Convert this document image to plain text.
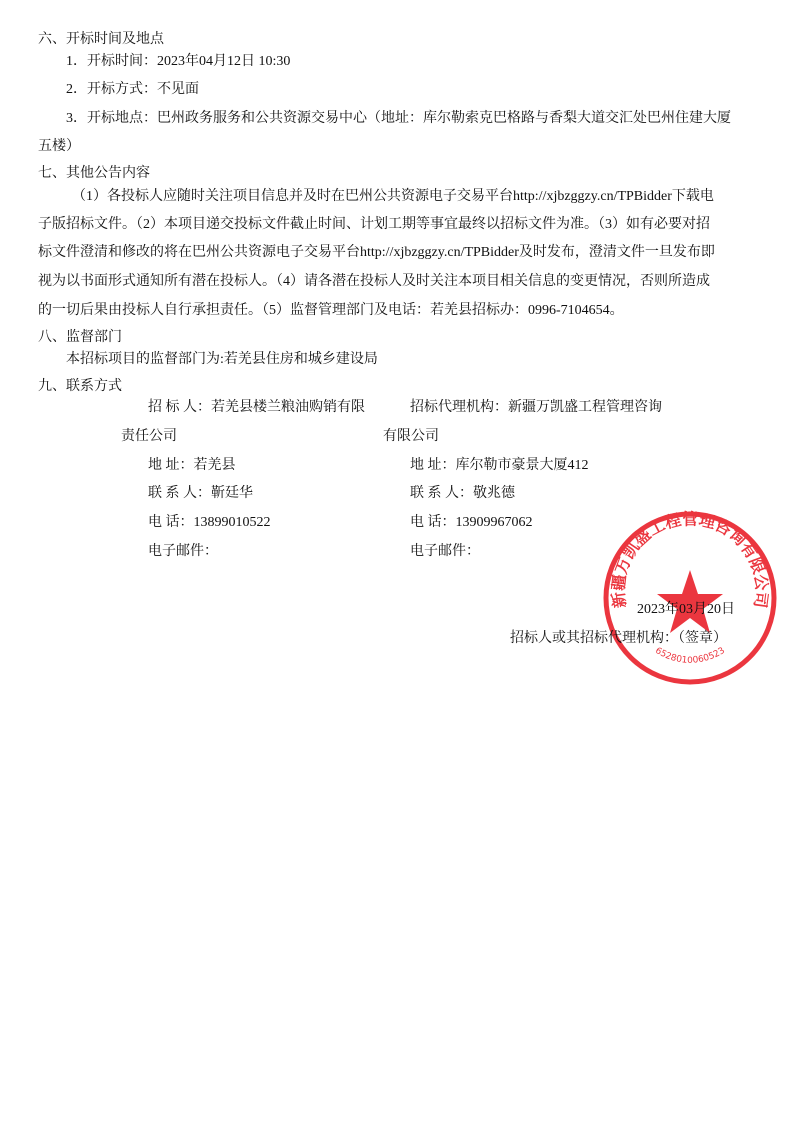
六、开标时间及地点
1．开标时间：2023年04月12日 10:30
2．开标方式：不见面
3．开标地点：巴州政务服务和公共资源交易中心（地址：库尔勒索克巴格路与香梨大道交汇处巴州住建大厦
五楼）
七、其他公告内容
（1）各投标人应随时关注项目信息并及时在巴州公共资源电子交易平台http://xjbzggzy.cn/TPBidder下载电
子版招标文件。（2）本项目递交投标文件截止时间、计划工期等事宜最终以招标文件为准。（3）如有必要对招
标文件澄清和修改的将在巴州公共资源电子交易平台http://xjbzggzy.cn/TPBidder及时发布，澄清文件一旦发布即
视为以书面形式通知所有潜在投标人。（4）请各潜在投标人及时关注本项目相关信息的变更情况，否则所造成
的一切后果由投标人自行承担责任。（5）监督管理部门及电话：若羌县招标办：0996-7104654。
八、监督部门
本招标项目的监督部门为:若羌县住房和城乡建设局
九、联系方式
招 标 人：若羌县楼兰粮油购销有限
责任公司
地 址：若羌县
联 系 人：靳廷华
电 话：13899010522
电子邮件：
招标代理机构：新疆万凯盛工程管理咨询
有限公司
地 址：库尔勒市豪景大厦412
联 系 人：敬兆德
电 话：13909967062
电子邮件：
新疆万凯盛工程管理咨询有限公司
6528010060523
2023年03月20日
招标人或其招标代理机构：（签章）
